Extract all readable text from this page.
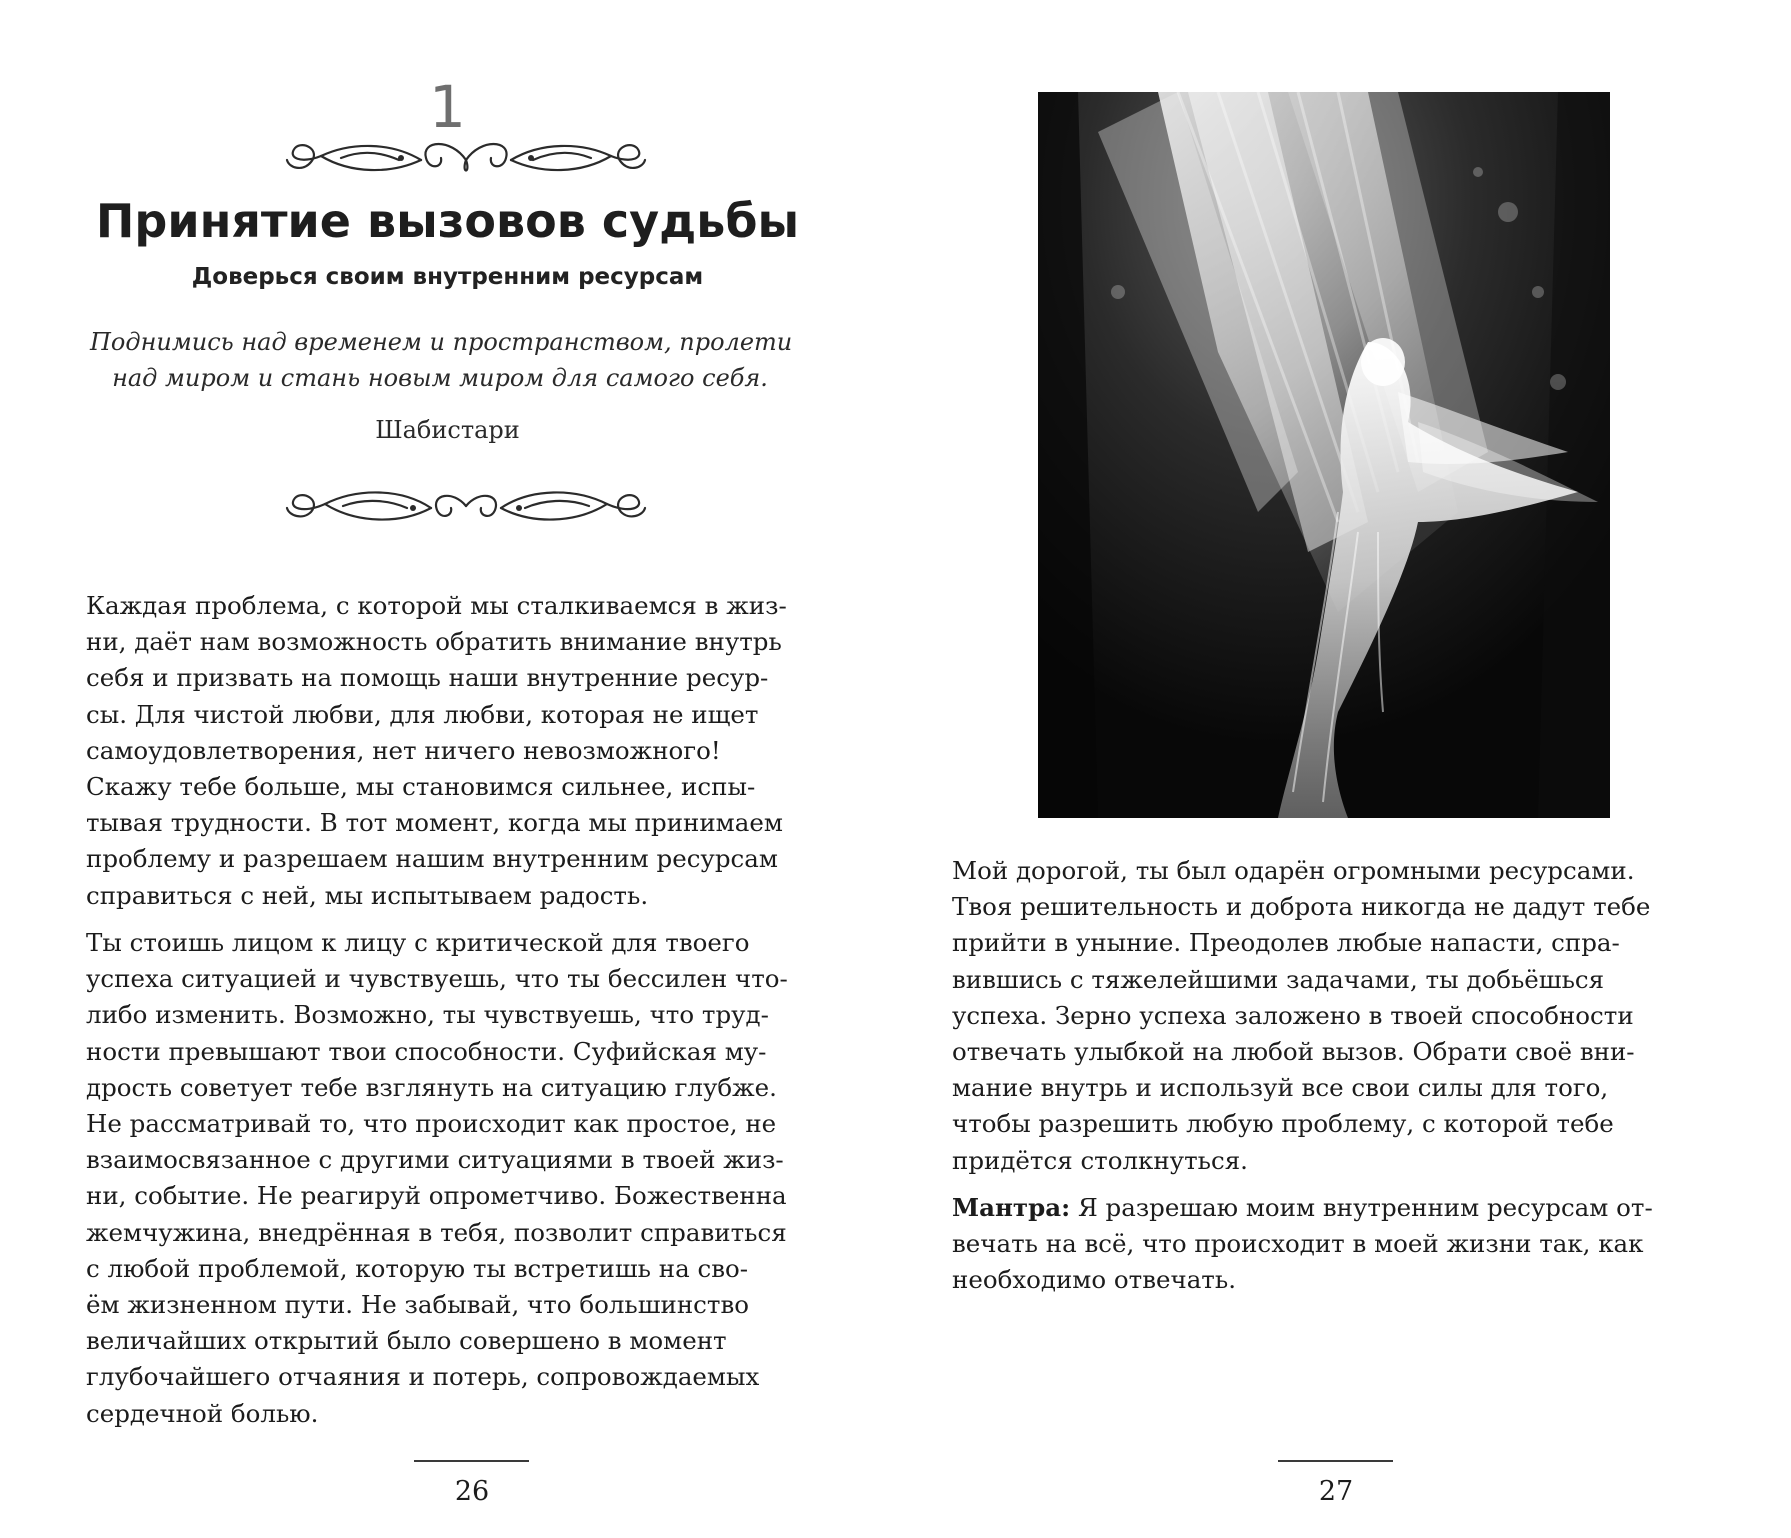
1
Принятие вызовов судьбы
Доверься своим внутренним ресурсам

Поднимись над временем и пространством, пролети
над миром и стань новым миром для самого себя.

Шабистари

Каждая проблема, с которой мы сталкиваемся в жиз-
ни, даёт нам возможность обратить внимание внутрь
себя и призвать на помощь наши внутренние ресур-
сы. Для чистой любви, для любви, которая не ищет
самоудовлетворения, нет ничего невозможного!
Скажу тебе больше, мы становимся сильнее, испы-
тывая трудности. В тот момент, когда мы принимаем
проблему и разрешаем нашим внутренним ресурсам
справиться с ней, мы испытываем радость.

Ты стоишь лицом к лицу с критической для твоего
успеха ситуацией и чувствуешь, что ты бессилен что-
либо изменить. Возможно, ты чувствуешь, что труд-
ности превышают твои способности. Суфийская му-
дрость советует тебе взглянуть на ситуацию глубже.
Не рассматривай то, что происходит как простое, не
взаимосвязанное с другими ситуациями в твоей жиз-
ни, событие. Не реагируй опрометчиво. Божественна
жемчужина, внедрённая в тебя, позволит справиться
с любой проблемой, которую ты встретишь на сво-
ём жизненном пути. Не забывай, что большинство
величайших открытий было совершено в момент
глубочайшего отчаяния и потерь, сопровождаемых
сердечной болью.

26

Мой дорогой, ты был одарён огромными ресурсами.
Твоя решительность и доброта никогда не дадут тебе
прийти в уныние. Преодолев любые напасти, спра-
вившись с тяжелейшими задачами, ты добьёшься
успеха. Зерно успеха заложено в твоей способности
отвечать улыбкой на любой вызов. Обрати своё вни-
мание внутрь и используй все свои силы для того,
чтобы разрешить любую проблему, с которой тебе
придётся столкнуться.

Мантра: Я разрешаю моим внутренним ресурсам от-
вечать на всё, что происходит в моей жизни так, как
необходимо отвечать.

27
